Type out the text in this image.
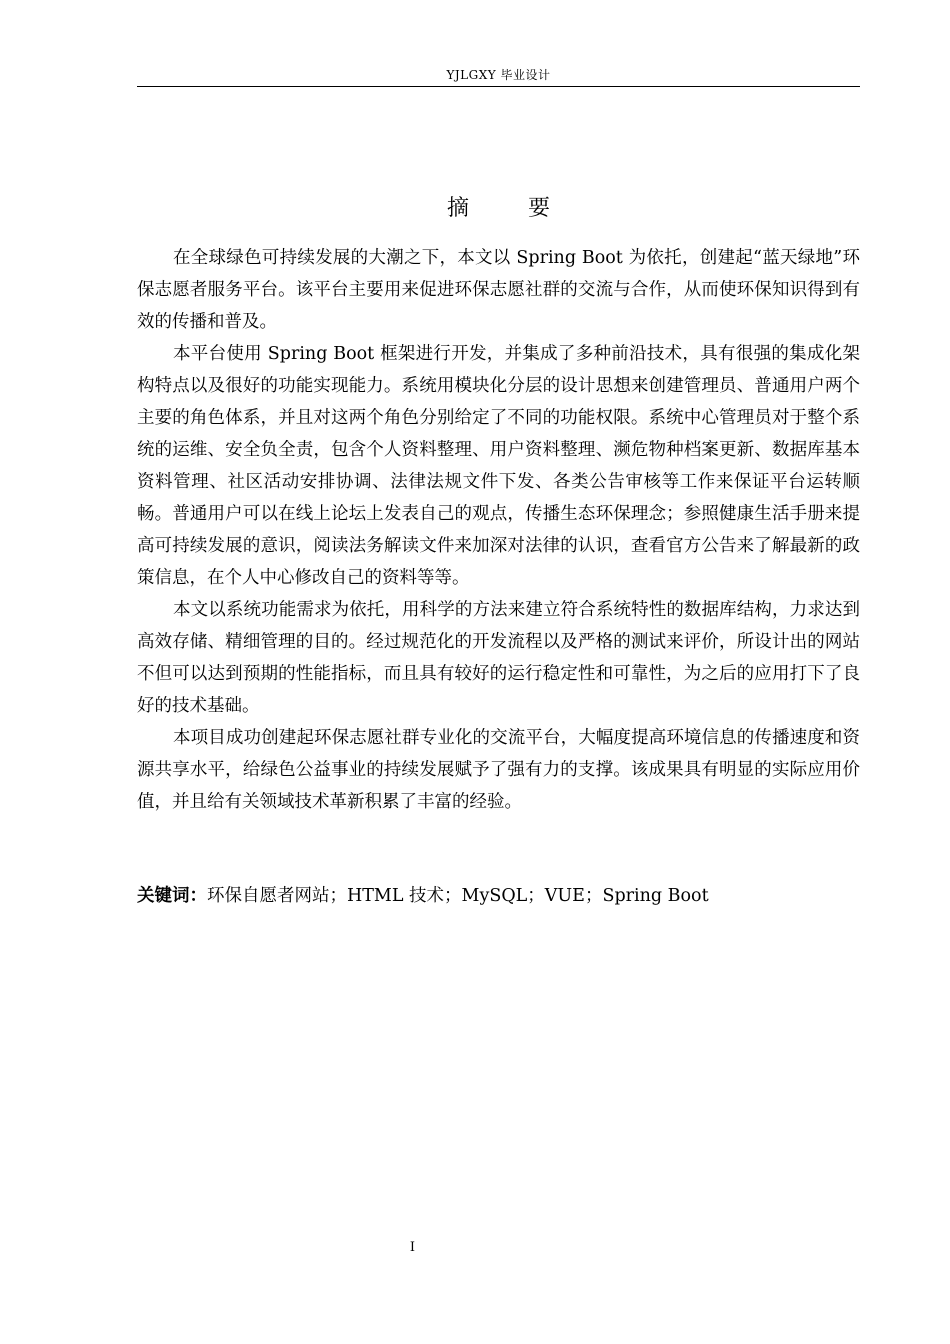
YJLGXY 毕业设计
摘 要

在全球绿色可持续发展的大潮之下，本文以 Spring Boot 为依托，创建起“蓝天绿地”环保志愿者服务平台。该平台主要用来促进环保志愿社群的交流与合作，从而使环保知识得到有效的传播和普及。

本平台使用 Spring Boot 框架进行开发，并集成了多种前沿技术，具有很强的集成化架构特点以及很好的功能实现能力。系统用模块化分层的设计思想来创建管理员、普通用户两个主要的角色体系，并且对这两个角色分别给定了不同的功能权限。系统中心管理员对于整个系统的运维、安全负全责，包含个人资料整理、用户资料整理、濒危物种档案更新、数据库基本资料管理、社区活动安排协调、法律法规文件下发、各类公告审核等工作来保证平台运转顺畅。普通用户可以在线上论坛上发表自己的观点，传播生态环保理念；参照健康生活手册来提高可持续发展的意识，阅读法务解读文件来加深对法律的认识，查看官方公告来了解最新的政策信息，在个人中心修改自己的资料等等。

本文以系统功能需求为依托，用科学的方法来建立符合系统特性的数据库结构，力求达到高效存储、精细管理的目的。经过规范化的开发流程以及严格的测试来评价，所设计出的网站不但可以达到预期的性能指标，而且具有较好的运行稳定性和可靠性，为之后的应用打下了良好的技术基础。

本项目成功创建起环保志愿社群专业化的交流平台，大幅度提高环境信息的传播速度和资源共享水平，给绿色公益事业的持续发展赋予了强有力的支撑。该成果具有明显的实际应用价值，并且给有关领域技术革新积累了丰富的经验。

关键词：环保自愿者网站；HTML 技术；MySQL；VUE；Spring Boot
I
